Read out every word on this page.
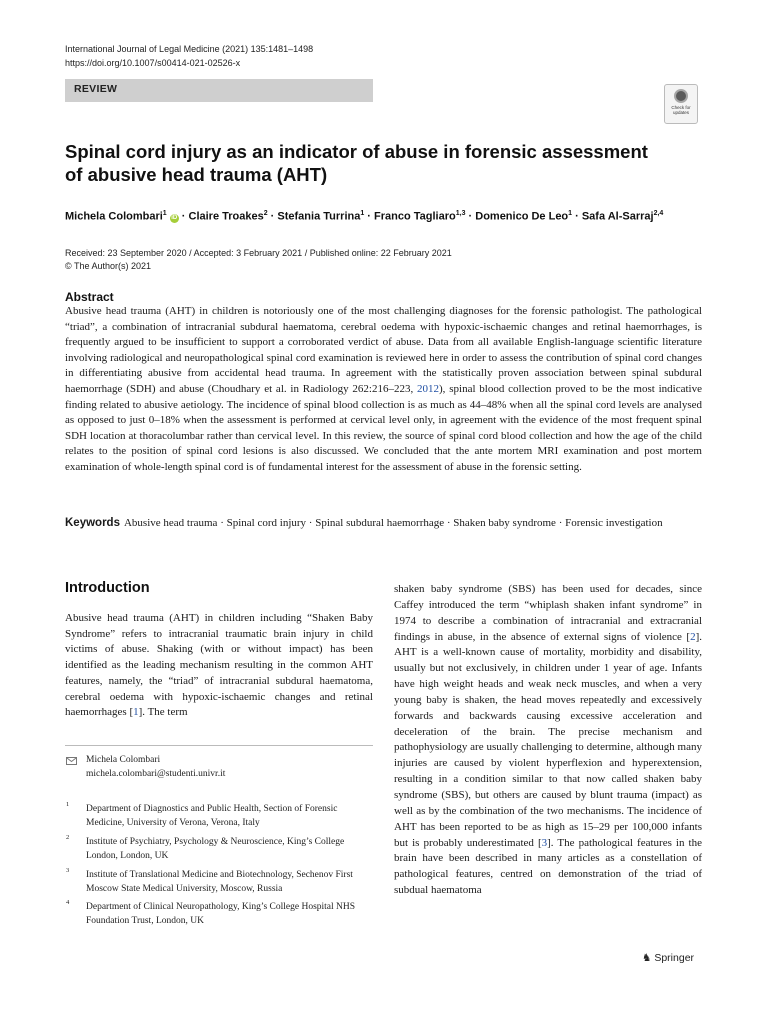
International Journal of Legal Medicine (2021) 135:1481–1498
https://doi.org/10.1007/s00414-021-02526-x
REVIEW
Check for updates
Spinal cord injury as an indicator of abuse in forensic assessment of abusive head trauma (AHT)
Michela Colombari$^1$ iD · Claire Troakes$^2$ · Stefania Turrina$^1$ · Franco Tagliaro$^{1,3}$ · Domenico De Leo$^1$ · Safa Al-Sarraj$^{2,4}$
Received: 23 September 2020 / Accepted: 3 February 2021 / Published online: 22 February 2021
© The Author(s) 2021
Abstract
Abusive head trauma (AHT) in children is notoriously one of the most challenging diagnoses for the forensic pathologist. The pathological “triad”, a combination of intracranial subdural haematoma, cerebral oedema with hypoxic-ischaemic changes and retinal haemorrhages, is frequently argued to be insufficient to support a corroborated verdict of abuse. Data from all available English-language scientific literature involving radiological and neuropathological spinal cord examination is reviewed here in order to assess the contribution of spinal cord changes in differentiating abusive from accidental head trauma. In agreement with the statistically proven association between spinal subdural haemorrhage (SDH) and abuse (Choudhary et al. in Radiology 262:216–223, 2012), spinal blood collection proved to be the most indicative finding related to abusive aetiology. The incidence of spinal blood collection is as much as 44–48% when all the spinal cord levels are analysed as opposed to just 0–18% when the assessment is performed at cervical level only, in agreement with the evidence of the most frequent spinal SDH location at thoracolumbar rather than cervical level. In this review, the source of spinal cord blood collection and how the age of the child relates to the position of spinal cord lesions is also discussed. We concluded that the ante mortem MRI examination and post mortem examination of whole-length spinal cord is of fundamental interest for the assessment of abuse in the forensic setting.
Keywords Abusive head trauma · Spinal cord injury · Spinal subdural haemorrhage · Shaken baby syndrome · Forensic investigation
Introduction
Abusive head trauma (AHT) in children including “Shaken Baby Syndrome” refers to intracranial traumatic brain injury in child victims of abuse. Shaking (with or without impact) has been identified as the leading mechanism resulting in the common AHT features, namely, the “triad” of intracranial subdural haematoma, cerebral oedema with hypoxic-ischaemic changes and retinal haemorrhages [1]. The term
shaken baby syndrome (SBS) has been used for decades, since Caffey introduced the term “whiplash shaken infant syndrome” in 1974 to describe a combination of intracranial and extracranial findings in abuse, in the absence of external signs of violence [2]. AHT is a well-known cause of mortality, morbidity and disability, usually but not exclusively, in children under 1 year of age. Infants have high weight heads and weak neck muscles, and when a very young baby is shaken, the head moves repeatedly and excessively forwards and backwards causing excessive acceleration and deceleration of the brain. The precise mechanism and pathophysiology are usually challenging to determine, although many injuries are caused by violent hyperflexion and hyperextension, resulting in a condition similar to that now called shaken baby syndrome (SBS), but others are caused by blunt trauma (impact) as well as by the combination of the two mechanisms. The incidence of AHT has been reported to be as high as 15–29 per 100,000 infants but is probably underestimated [3]. The pathological features in the brain have been described in many articles as a constellation of pathological features, centred on demonstration of the triad of subdual haematoma
Michela Colombari
michela.colombari@studenti.univr.it
1 Department of Diagnostics and Public Health, Section of Forensic Medicine, University of Verona, Verona, Italy
2 Institute of Psychiatry, Psychology & Neuroscience, King’s College London, London, UK
3 Institute of Translational Medicine and Biotechnology, Sechenov First Moscow State Medical University, Moscow, Russia
4 Department of Clinical Neuropathology, King’s College Hospital NHS Foundation Trust, London, UK
♞ Springer
